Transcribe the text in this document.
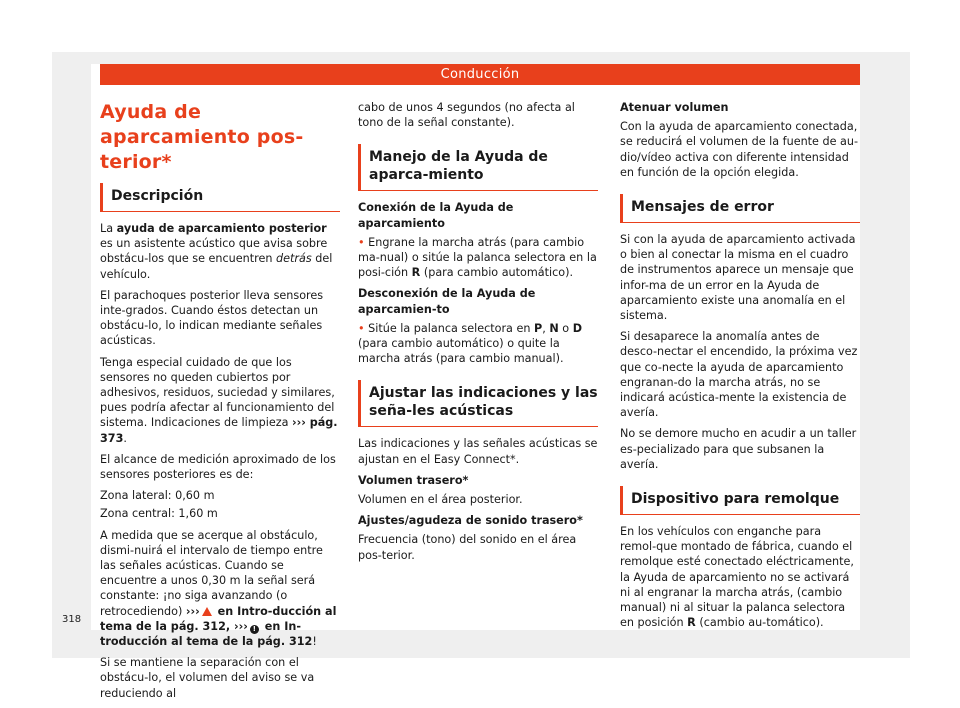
Conducción
Ayuda de aparcamiento pos-
terior*
Descripción

La ayuda de aparcamiento posterior es un asistente acústico que avisa sobre obstácu-los que se encuentren detrás del vehículo.

El parachoques posterior lleva sensores inte-grados. Cuando éstos detectan un obstácu-lo, lo indican mediante señales acústicas.

Tenga especial cuidado de que los sensores no queden cubiertos por adhesivos, residuos, suciedad y similares, pues podría afectar al funcionamiento del sistema. Indicaciones de limpieza ››› pág. 373.

El alcance de medición aproximado de los sensores posteriores es de:

Zona lateral: 0,60 m

Zona central: 1,60 m

A medida que se acerque al obstáculo, dismi-nuirá el intervalo de tiempo entre las señales acústicas. Cuando se encuentre a unos 0,30 m la señal será constante: ¡no siga avanzando (o retrocediendo) ››› en Intro-ducción al tema de la pág. 312, ››› ! en In-troducción al tema de la pág. 312!

Si se mantiene la separación con el obstácu-lo, el volumen del aviso se va reduciendo al

cabo de unos 4 segundos (no afecta al tono de la señal constante).

Manejo de la Ayuda de aparca-miento

Conexión de la Ayuda de aparcamiento

• Engrane la marcha atrás (para cambio ma-nual) o sitúe la palanca selectora en la posi-ción R (para cambio automático).

Desconexión de la Ayuda de aparcamien-to

• Sitúe la palanca selectora en P, N o D (para cambio automático) o quite la marcha atrás (para cambio manual).

Ajustar las indicaciones y las seña-les acústicas

Las indicaciones y las señales acústicas se ajustan en el Easy Connect*.

Volumen trasero*

Volumen en el área posterior.

Ajustes/agudeza de sonido trasero*

Frecuencia (tono) del sonido en el área pos-terior.

Atenuar volumen

Con la ayuda de aparcamiento conectada, se reducirá el volumen de la fuente de au-dio/vídeo activa con diferente intensidad en función de la opción elegida.

Mensajes de error

Si con la ayuda de aparcamiento activada o bien al conectar la misma en el cuadro de instrumentos aparece un mensaje que infor-ma de un error en la Ayuda de aparcamiento existe una anomalía en el sistema.

Si desaparece la anomalía antes de desco-nectar el encendido, la próxima vez que co-necte la ayuda de aparcamiento engranan-do la marcha atrás, no se indicará acústica-mente la existencia de avería.

No se demore mucho en acudir a un taller es-pecializado para que subsanen la avería.

Dispositivo para remolque

En los vehículos con enganche para remol-que montado de fábrica, cuando el remolque esté conectado eléctricamente, la Ayuda de aparcamiento no se activará ni al engranar la marcha atrás, (cambio manual) ni al situar la palanca selectora en posición R (cambio au-tomático).

318
